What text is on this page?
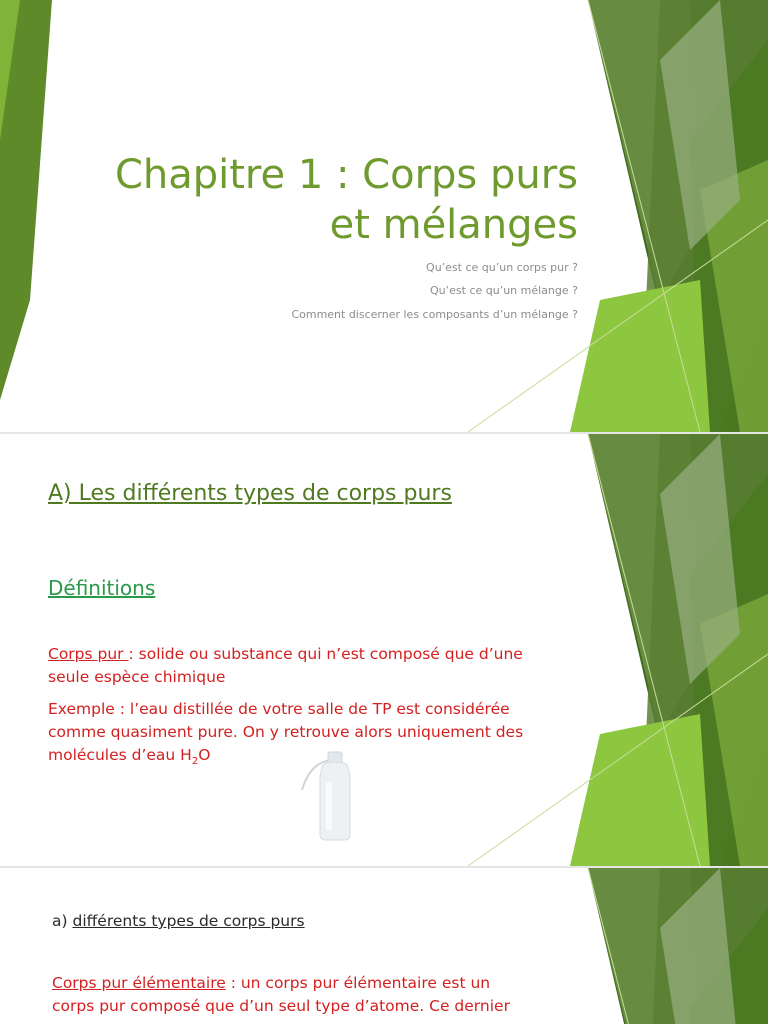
Chapitre 1 : Corps purs
et mélanges
Qu’est ce qu’un corps pur ?
Qu’est ce qu’un mélange ?
Comment discerner les composants d’un mélange ?
A) Les différents types de corps purs
Définitions
Corps pur : solide ou substance qui n’est composé que d’une
seule espèce chimique
Exemple : l’eau distillée de votre salle de TP est considérée
comme quasiment pure. On y retrouve alors uniquement des
molécules d’eau $H_2O$
a) différents types de corps purs
Corps pur élémentaire : un corps pur élémentaire est un
corps pur composé que d’un seul type d’atome. Ce dernier
